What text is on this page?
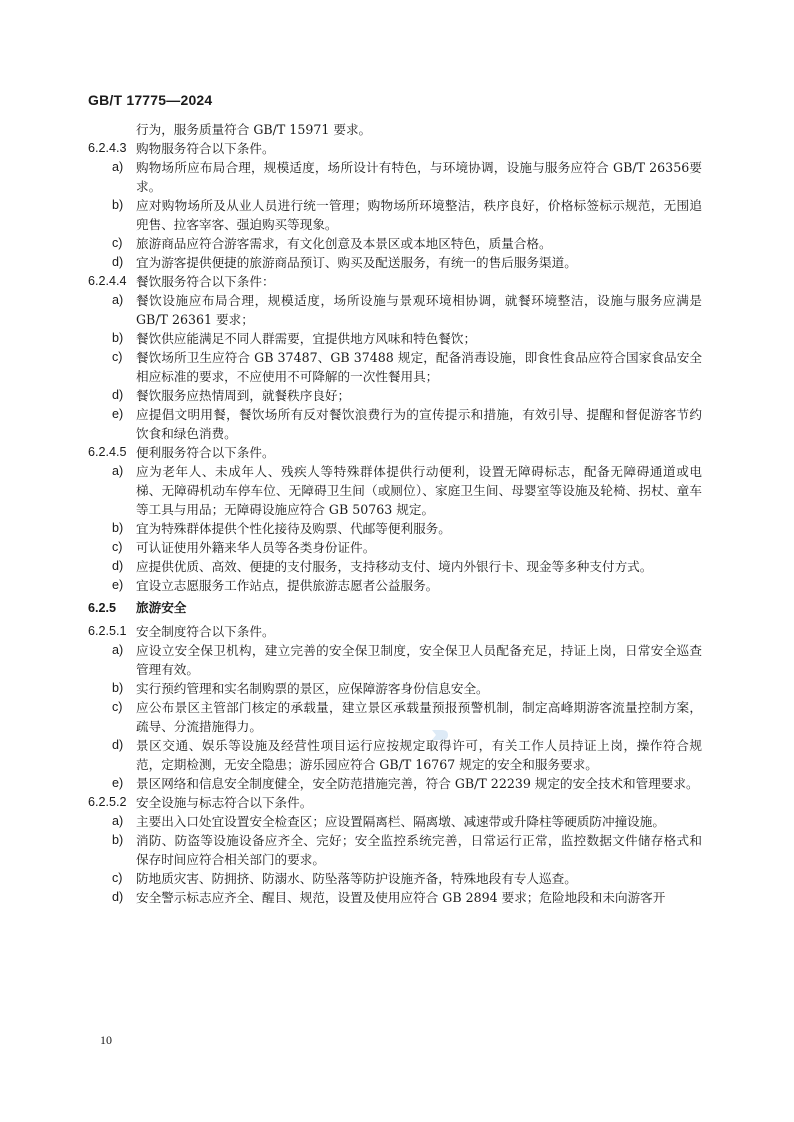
GB/T 17775—2024
行为，服务质量符合 GB/T 15971 要求。
6.2.4.3 购物服务符合以下条件。
a)	购物场所应布局合理，规模适度，场所设计有特色，与环境协调，设施与服务应符合 GB/T 26356要求。
b)	应对购物场所及从业人员进行统一管理；购物场所环境整洁，秩序良好，价格标签标示规范，无围追兜售、拉客宰客、强迫购买等现象。
c)	旅游商品应符合游客需求，有文化创意及本景区或本地区特色，质量合格。
d)	宜为游客提供便捷的旅游商品预订、购买及配送服务，有统一的售后服务渠道。
6.2.4.4 餐饮服务符合以下条件：
a)	餐饮设施应布局合理，规模适度，场所设施与景观环境相协调，就餐环境整洁，设施与服务应满是 GB/T 26361 要求；
b)	餐饮供应能满足不同人群需要，宜提供地方风味和特色餐饮；
c)	餐饮场所卫生应符合 GB 37487、GB 37488 规定，配备消毒设施，即食性食品应符合国家食品安全相应标准的要求，不应使用不可降解的一次性餐用具；
d)	餐饮服务应热情周到，就餐秩序良好；
e)	应提倡文明用餐，餐饮场所有反对餐饮浪费行为的宣传提示和措施，有效引导、提醒和督促游客节约饮食和绿色消费。
6.2.4.5 便利服务符合以下条件。
a)	应为老年人、未成年人、残疾人等特殊群体提供行动便利，设置无障碍标志，配备无障碍通道或电梯、无障碍机动车停车位、无障碍卫生间（或厕位）、家庭卫生间、母婴室等设施及轮椅、拐杖、童车等工具与用品；无障碍设施应符合 GB 50763 规定。
b)	宜为特殊群体提供个性化接待及购票、代邮等便利服务。
c)	可认证使用外籍来华人员等各类身份证件。
d)	应提供优质、高效、便捷的支付服务，支持移动支付、境内外银行卡、现金等多种支付方式。
e)	宜设立志愿服务工作站点，提供旅游志愿者公益服务。
6.2.5	旅游安全
6.2.5.1 安全制度符合以下条件。
a)	应设立安全保卫机构，建立完善的安全保卫制度，安全保卫人员配备充足，持证上岗，日常安全巡查管理有效。
b)	实行预约管理和实名制购票的景区，应保障游客身份信息安全。
c)	应公布景区主管部门核定的承载量，建立景区承载量预报预警机制，制定高峰期游客流量控制方案，疏导、分流措施得力。
d)	景区交通、娱乐等设施及经营性项目运行应按规定取得许可，有关工作人员持证上岗，操作符合规范，定期检测，无安全隐患；游乐园应符合 GB/T 16767 规定的安全和服务要求。
e)	景区网络和信息安全制度健全，安全防范措施完善，符合 GB/T 22239 规定的安全技术和管理要求。
6.2.5.2 安全设施与标志符合以下条件。
a)	主要出入口处宜设置安全检查区；应设置隔离栏、隔离墩、减速带或升降柱等硬质防冲撞设施。
b)	消防、防盗等设施设备应齐全、完好；安全监控系统完善，日常运行正常，监控数据文件储存格式和保存时间应符合相关部门的要求。
c)	防地质灾害、防拥挤、防溺水、防坠落等防护设施齐备，特殊地段有专人巡查。
d)	安全警示标志应齐全、醒目、规范，设置及使用应符合 GB 2894 要求；危险地段和未向游客开
10
